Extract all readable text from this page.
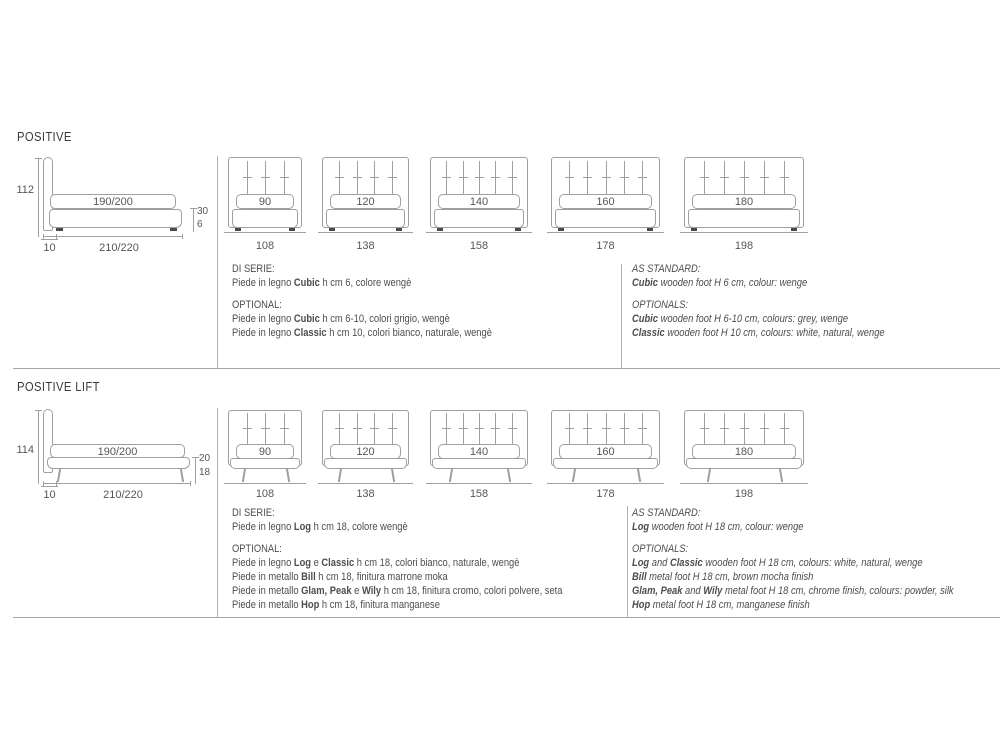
POSITIVE
112
190/200
30
6
10	210/220
90
108
120
138
140
158
160
178
180
198
DI SERIE:
Piede in legno Cubic h cm 6, colore wengè
OPTIONAL:
Piede in legno Cubic h cm 6-10, colori grigio, wengè
Piede in legno Classic h cm 10, colori bianco, naturale, wengè
AS STANDARD:
Cubic wooden foot H 6 cm, colour: wenge
OPTIONALS:
Cubic wooden foot H 6-10 cm, colours: grey, wenge
Classic wooden foot H 10 cm, colours: white, natural, wenge
POSITIVE LIFT
114	190/200
20
18
10	210/220
90
108
120
138
140
158
160
178
180
198
DI SERIE:
Piede in legno Log h cm 18, colore wengè
OPTIONAL:
Piede in legno Log e Classic h cm 18, colori bianco, naturale, wengè
Piede in metallo Bill h cm 18, finitura marrone moka
Piede in metallo Glam, Peak e Wily h cm 18, finitura cromo, colori polvere, seta
Piede in metallo Hop h cm 18, finitura manganese
AS STANDARD:
Log wooden foot H 18 cm, colour: wenge
OPTIONALS:
Log and Classic wooden foot H 18 cm, colours: white, natural, wenge
Bill metal foot H 18 cm, brown mocha finish
Glam, Peak and Wily metal foot H 18 cm, chrome finish, colours: powder, silk
Hop metal foot H 18 cm, manganese finish
